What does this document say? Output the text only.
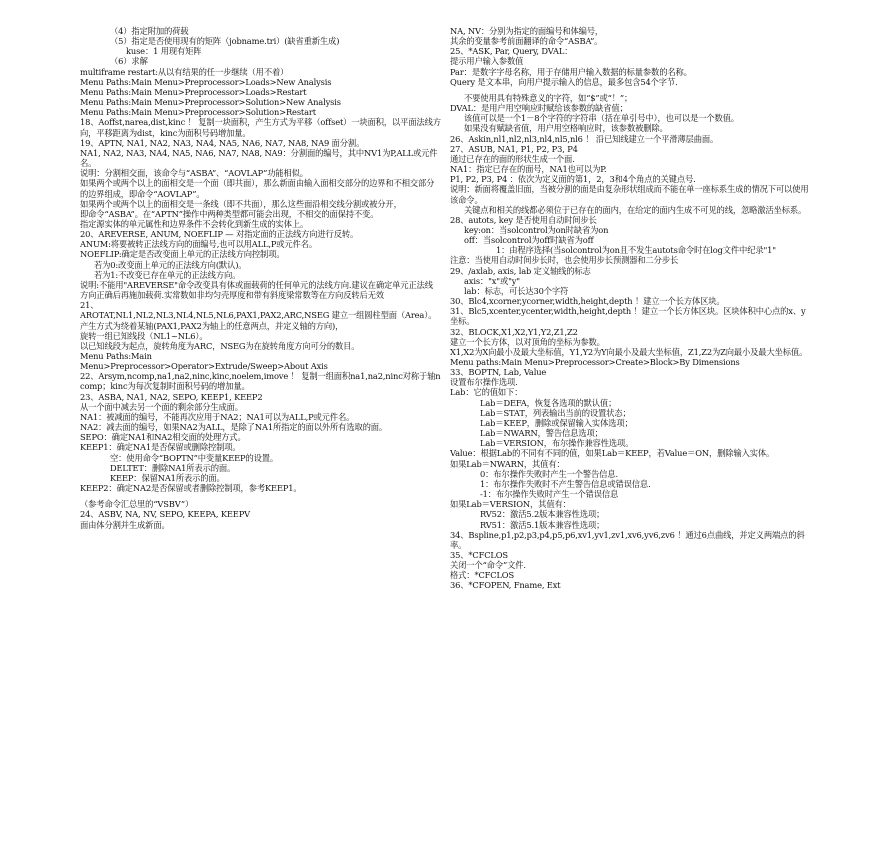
（4）指定附加的荷载
（5）指定是否使用现有的矩阵（jobname.tri）(缺省重新生成)
kuse：1 用现有矩阵
（6）求解
multiframe restart:从以有结果的任一步继续（用不着）
Menu Paths:Main Menu>Preprocessor>Loads>New Analysis
Menu Paths:Main Menu>Preprocessor>Loads>Restart
Menu Paths:Main Menu>Preprocessor>Solution>New Analysis
Menu Paths:Main Menu>Preprocessor>Solution>Restart
18、Aoffst,narea,dist,kinc ！ 复制一块面积，产生方式为平移（offset）一块面积，以平面法线方向，平移距离为dist，kinc为面积号码增加量。
19、APTN, NA1, NA2, NA3, NA4, NA5, NA6, NA7, NA8, NA9 面分割。
NA1, NA2, NA3, NA4, NA5, NA6, NA7, NA8, NA9：分割面的编号，其中NV1为P,ALL或元件名。
说明：分割相交面，该命令与“ASBA”、“AOVLAP”功能相似。
如果两个或两个以上的面相交是一个面（即共面），那么新面由输入面相交部分的边界和不相交部分的边界组成，即命令“AOVLAP”。
如果两个或两个以上的面相交是一条线（即不共面），那么这些面沿相交线分割或被分开，
即命令“ASBA”。在“APTN”操作中两种类型都可能会出现，不相交的面保持不变。
指定源实体的单元属性和边界条件不会转化到新生成的实体上。
20、AREVERSE, ANUM, NOEFLIP — 对指定面的正法线方向进行反转。
ANUM:将要被转正法线方向的面编号,也可以用ALL,P或元件名。
NOEFLIP:确定是否改变面上单元的正法线方向控制项。
若为0:改变面上单元的正法线方向(默认)。
若为1:不改变已存在单元的正法线方向。
说明:不能用"AREVERSE"命令改变具有体或面载荷的任何单元的法线方向.建议在确定单元正法线
方向正确后再施加载荷.实常数如非均匀壳厚度和带有斜度梁常数等在方向反转后无效
21、
AROTAT,NL1,NL2,NL3,NL4,NL5,NL6,PAX1,PAX2,ARC,NSEG 建立一组圆柱型面（Area）。
产生方式为绕着某轴(PAX1,PAX2为轴上的任意两点，并定义轴的方向)，
旋转一组已知线段（NL1~NL6）。
以已知线段为起点，旋转角度为ARC，NSEG为在旋转角度方向可分的数目。
Menu Paths:Main
Menu>Preprocessor>Operator>Extrude/Sweep>About Axis
22、Arsym,ncomp,na1,na2,ninc,kinc,noelem,imove ！ 复制一组面积na1,na2,ninc对称于轴ncomp；kinc为每次复制时面积号码的增加量。
23、ASBA, NA1, NA2, SEPO, KEEP1, KEEP2
从一个面中减去另一个面的剩余部分生成面。
NA1：被减面的编号，不能再次应用于NA2；NA1可以为ALL,P或元件名。
NA2：减去面的编号，如果NA2为ALL，是除了NA1所指定的面以外所有选取的面。
SEPO：确定NA1和NA2相交面的处理方式。
KEEP1：确定NA1是否保留或删除控制项。
空：使用命令“BOPTN”中变量KEEP的设置。
DELTET：删除NA1所表示的面。
KEEP：保留NA1所表示的面。
KEEP2：确定NA2是否保留或者删除控制项，参考KEEP1。
（参考命令汇总里的“VSBV”）
24、ASBV, NA, NV, SEPO, KEEPA, KEEPV
面由体分割并生成新面。
NA, NV：分别为指定的面编号和体编号，
其余的变量参考前面翻译的命令“ASBA”。
25、*ASK, Par, Query, DVAL：
提示用户输入参数值
Par：是数字字母名称，用于存储用户输入数据的标量参数的名称。
Query 是文本串，向用户提示输入的信息，最多包含54个字节.
不要使用具有特殊意义的字符，如“$”或“！”；
DVAL：是用户用空响应时赋给该参数的缺省值；
该值可以是一个1－8个字符的字符串（括在单引号中），也可以是一个数值。
如果没有赋缺省值，用户用空格响应时，该参数被删除。
26、Askin,nl1,nl2,nl3,nl4,nl5,nl6 ！ 沿已知线建立一个平滑薄层曲面。
27、ASUB, NA1, P1, P2, P3, P4
通过已存在的面的形状生成一个面.
NA1：指定已存在的面号，NA1也可以为P.
P1, P2, P3, P4 ：依次为定义面的第1，2，3和4个角点的关键点号.
说明：新面将覆盖旧面，当被分割的面是由复杂形状组成而不能在单一座标系生成的情况下可以使用该命令。
关键点和相关的线都必须位于已存在的面内，在给定的面内生成不可见的线，忽略激活坐标系。
28、autots, key 是否使用自动时间步长
key:on：当solcontrol为on时缺省为on
off：当solcontrol为off时缺省为off
1：由程序选择(当solcontrol为on且不发生autots命令时在log文件中纪录"1"
注意：当使用自动时间步长时，也会使用步长预测器和二分步长
29、/axlab, axis, lab 定义轴线的标志
axis："x"或"y"
lab：标志，可长达30个字符
30、Blc4,xcorner,ycorner,width,height,depth ！建立一个长方体区块。
31、Blc5,xcenter,ycenter,width,height,depth ！建立一个长方体区块。区块体积中心点的x、y坐标。
32、BLOCK,X1,X2,Y1,Y2,Z1,Z2
建立一个长方体，以对顶角的坐标为参数。
X1,X2为X向最小及最大坐标值，Y1,Y2为Y向最小及最大坐标值，Z1,Z2为Z向最小及最大坐标值。
Menu paths:Main Menu>Preprocessor>Create>Block>By Dimensions
33、BOPTN, Lab, Value
设置布尔操作选项.
Lab：它的值如下：
Lab＝DEFA，恢复各选项的默认值；
Lab＝STAT，列表输出当前的设置状态；
Lab＝KEEP，删除或保留输入实体选项；
Lab＝NWARN，警告信息选项；
Lab＝VERSION，布尔操作兼容性选项。
Value：根据Lab的不同有不同的值，如果Lab＝KEEP，若Value＝ON，删除输入实体。
如果Lab＝NWARN，其值有：
0：布尔操作失败时产生一个警告信息.
1：布尔操作失败时不产生警告信息或错误信息.
-1：布尔操作失败时产生一个错误信息
如果Lab＝VERSION，其值有：
RV52：激活5.2版本兼容性选项；
RV51：激活5.1版本兼容性选项；
34、Bspline,p1,p2,p3,p4,p5,p6,xv1,yv1,zv1,xv6,yv6,zv6 ！通过6点曲线，并定义两端点的斜率。
35、*CFCLOS
关闭一个“命令”文件.
格式：*CFCLOS
36、*CFOPEN, Fname, Ext
